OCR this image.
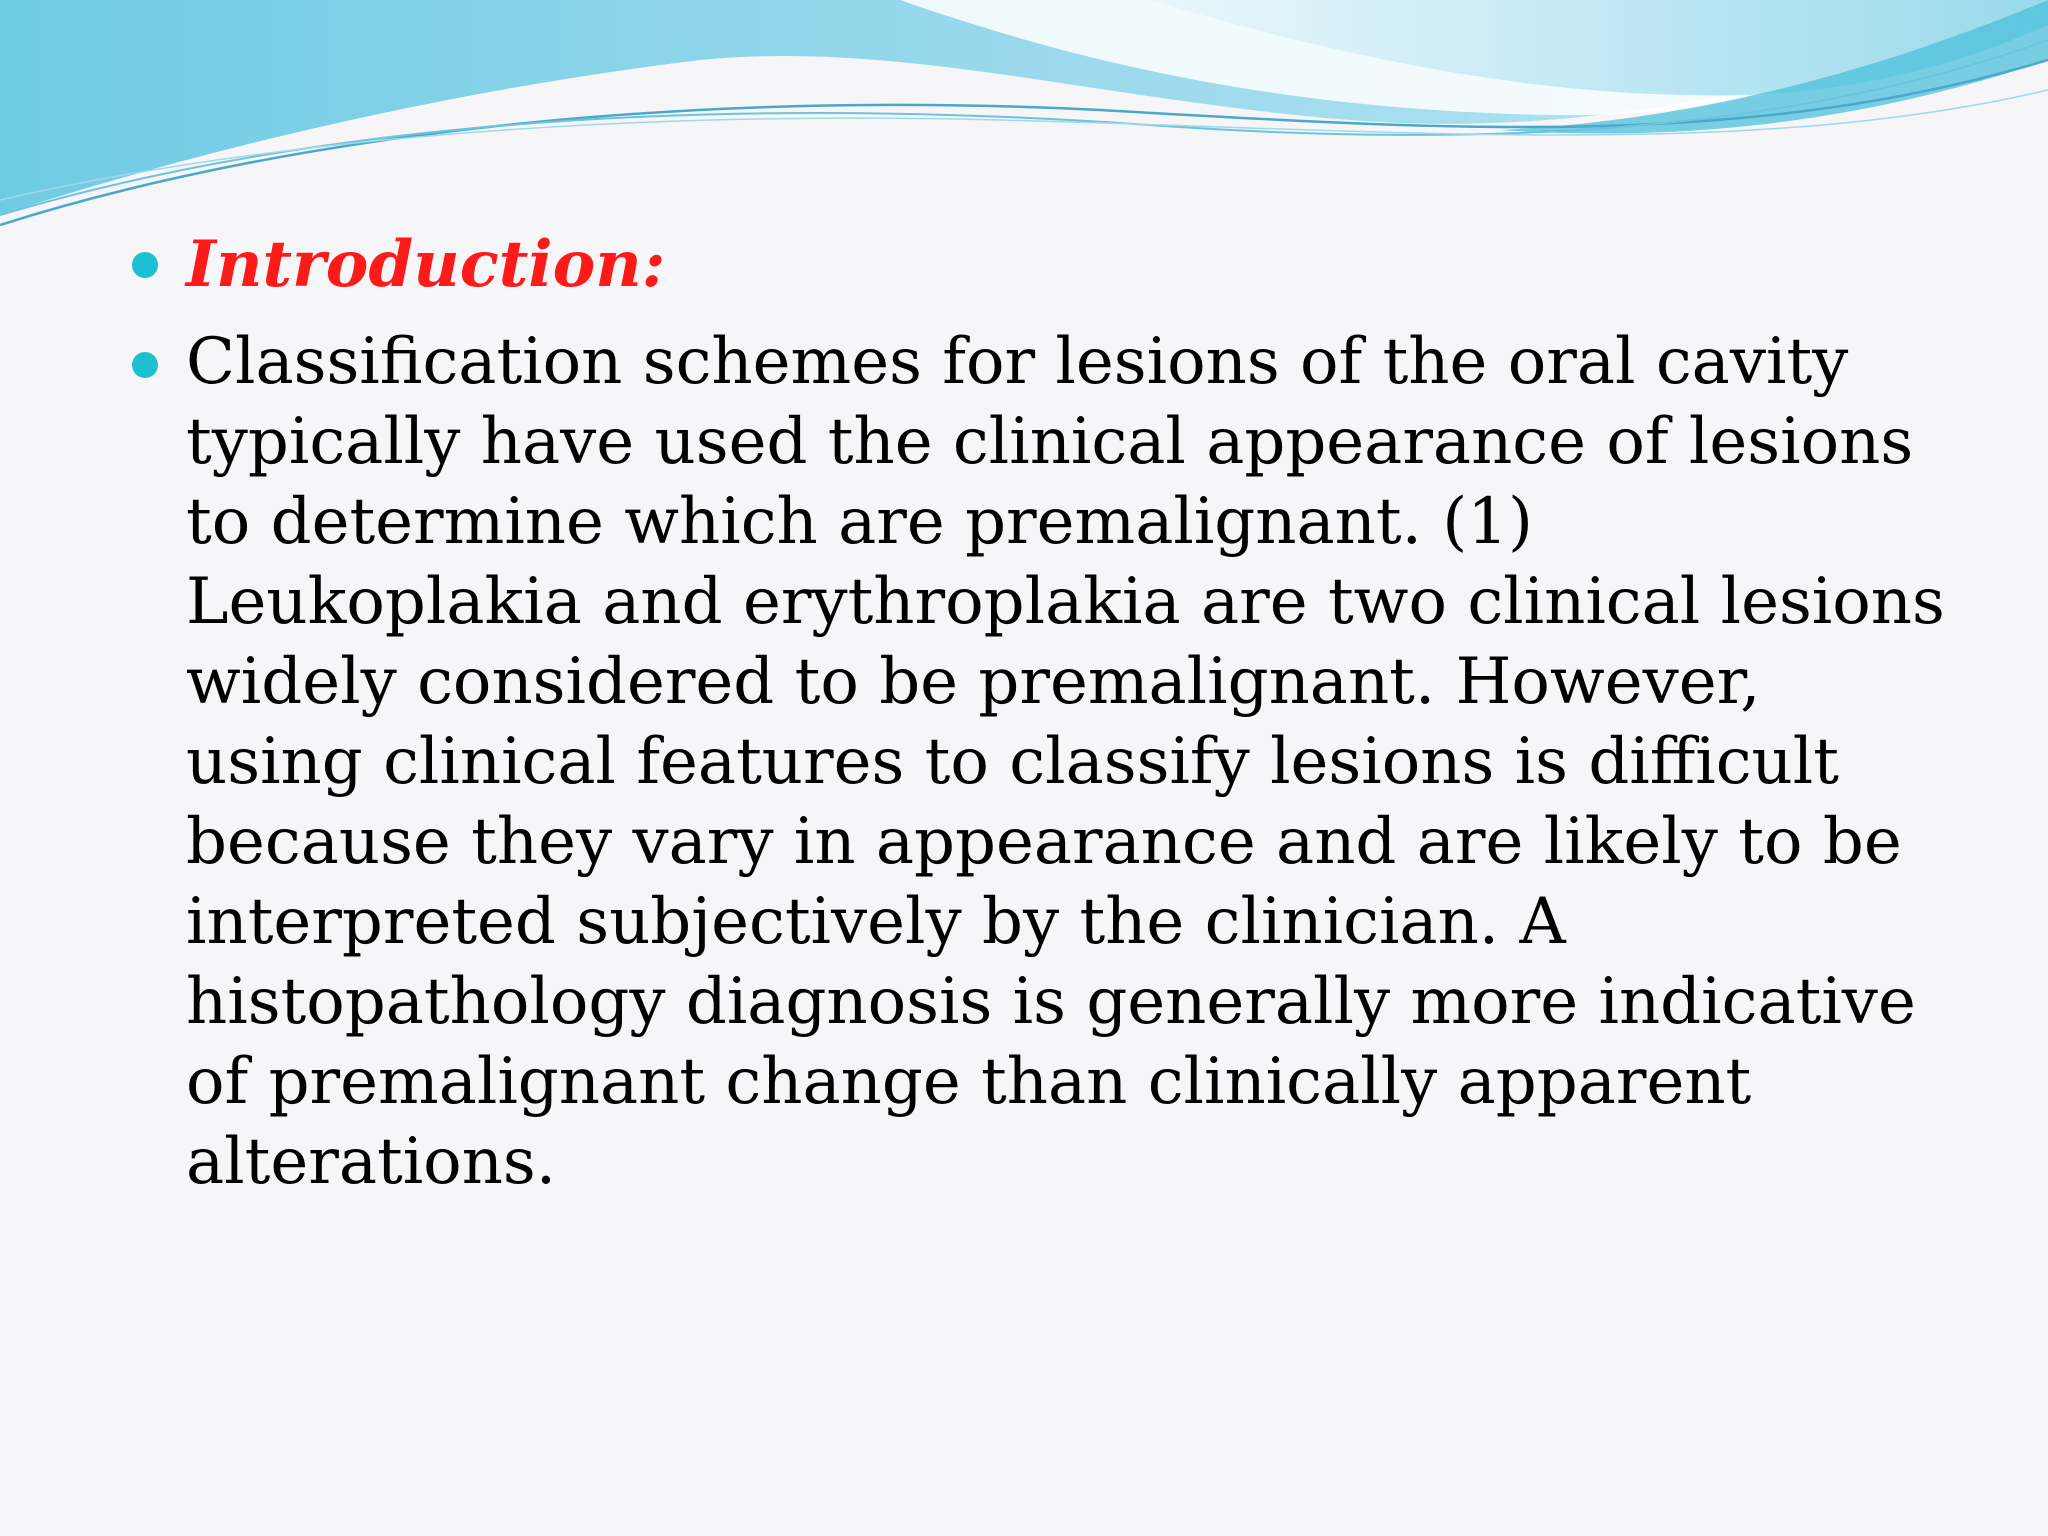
Introduction:
Classification schemes for lesions of the oral cavity typically have used the clinical appearance of lesions to determine which are premalignant. (1) Leukoplakia and erythroplakia are two clinical lesions widely considered to be premalignant. However, using clinical features to classify lesions is difficult because they vary in appearance and are likely to be interpreted subjectively by the clinician. A histopathology diagnosis is generally more indicative of premalignant change than clinically apparent alterations.
